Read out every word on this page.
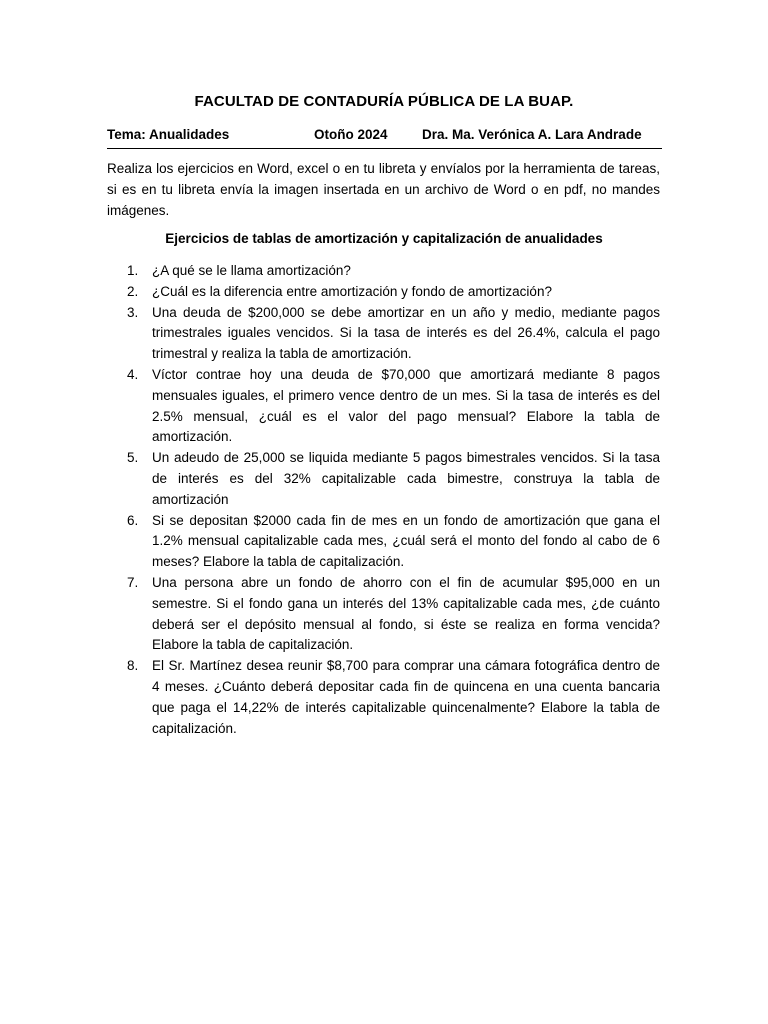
FACULTAD DE CONTADURÍA PÚBLICA DE LA BUAP.
Tema: Anualidades	Otoño 2024	Dra. Ma. Verónica A. Lara Andrade
Realiza los ejercicios en Word, excel o en tu libreta y envíalos por la herramienta de tareas, si es en tu libreta envía la imagen insertada en un archivo de Word o en pdf, no mandes imágenes.
Ejercicios de tablas de amortización y capitalización de anualidades
1. ¿A qué se le llama amortización?
2. ¿Cuál es la diferencia entre amortización y fondo de amortización?
3. Una deuda de $200,000 se debe amortizar en un año y medio, mediante pagos trimestrales iguales vencidos. Si la tasa de interés es del 26.4%, calcula el pago trimestral y realiza la tabla de amortización.
4. Víctor contrae hoy una deuda de $70,000 que amortizará mediante 8 pagos mensuales iguales, el primero vence dentro de un mes. Si la tasa de interés es del 2.5% mensual, ¿cuál es el valor del pago mensual? Elabore la tabla de amortización.
5. Un adeudo de 25,000 se liquida mediante 5 pagos bimestrales vencidos. Si la tasa de interés es del 32% capitalizable cada bimestre, construya la tabla de amortización
6. Si se depositan $2000 cada fin de mes en un fondo de amortización que gana el 1.2% mensual capitalizable cada mes, ¿cuál será el monto del fondo al cabo de 6 meses? Elabore la tabla de capitalización.
7. Una persona abre un fondo de ahorro con el fin de acumular $95,000 en un semestre. Si el fondo gana un interés del 13% capitalizable cada mes, ¿de cuánto deberá ser el depósito mensual al fondo, si éste se realiza en forma vencida? Elabore la tabla de capitalización.
8. El Sr. Martínez desea reunir $8,700 para comprar una cámara fotográfica dentro de 4 meses. ¿Cuánto deberá depositar cada fin de quincena en una cuenta bancaria que paga el 14,22% de interés capitalizable quincenalmente? Elabore la tabla de capitalización.
